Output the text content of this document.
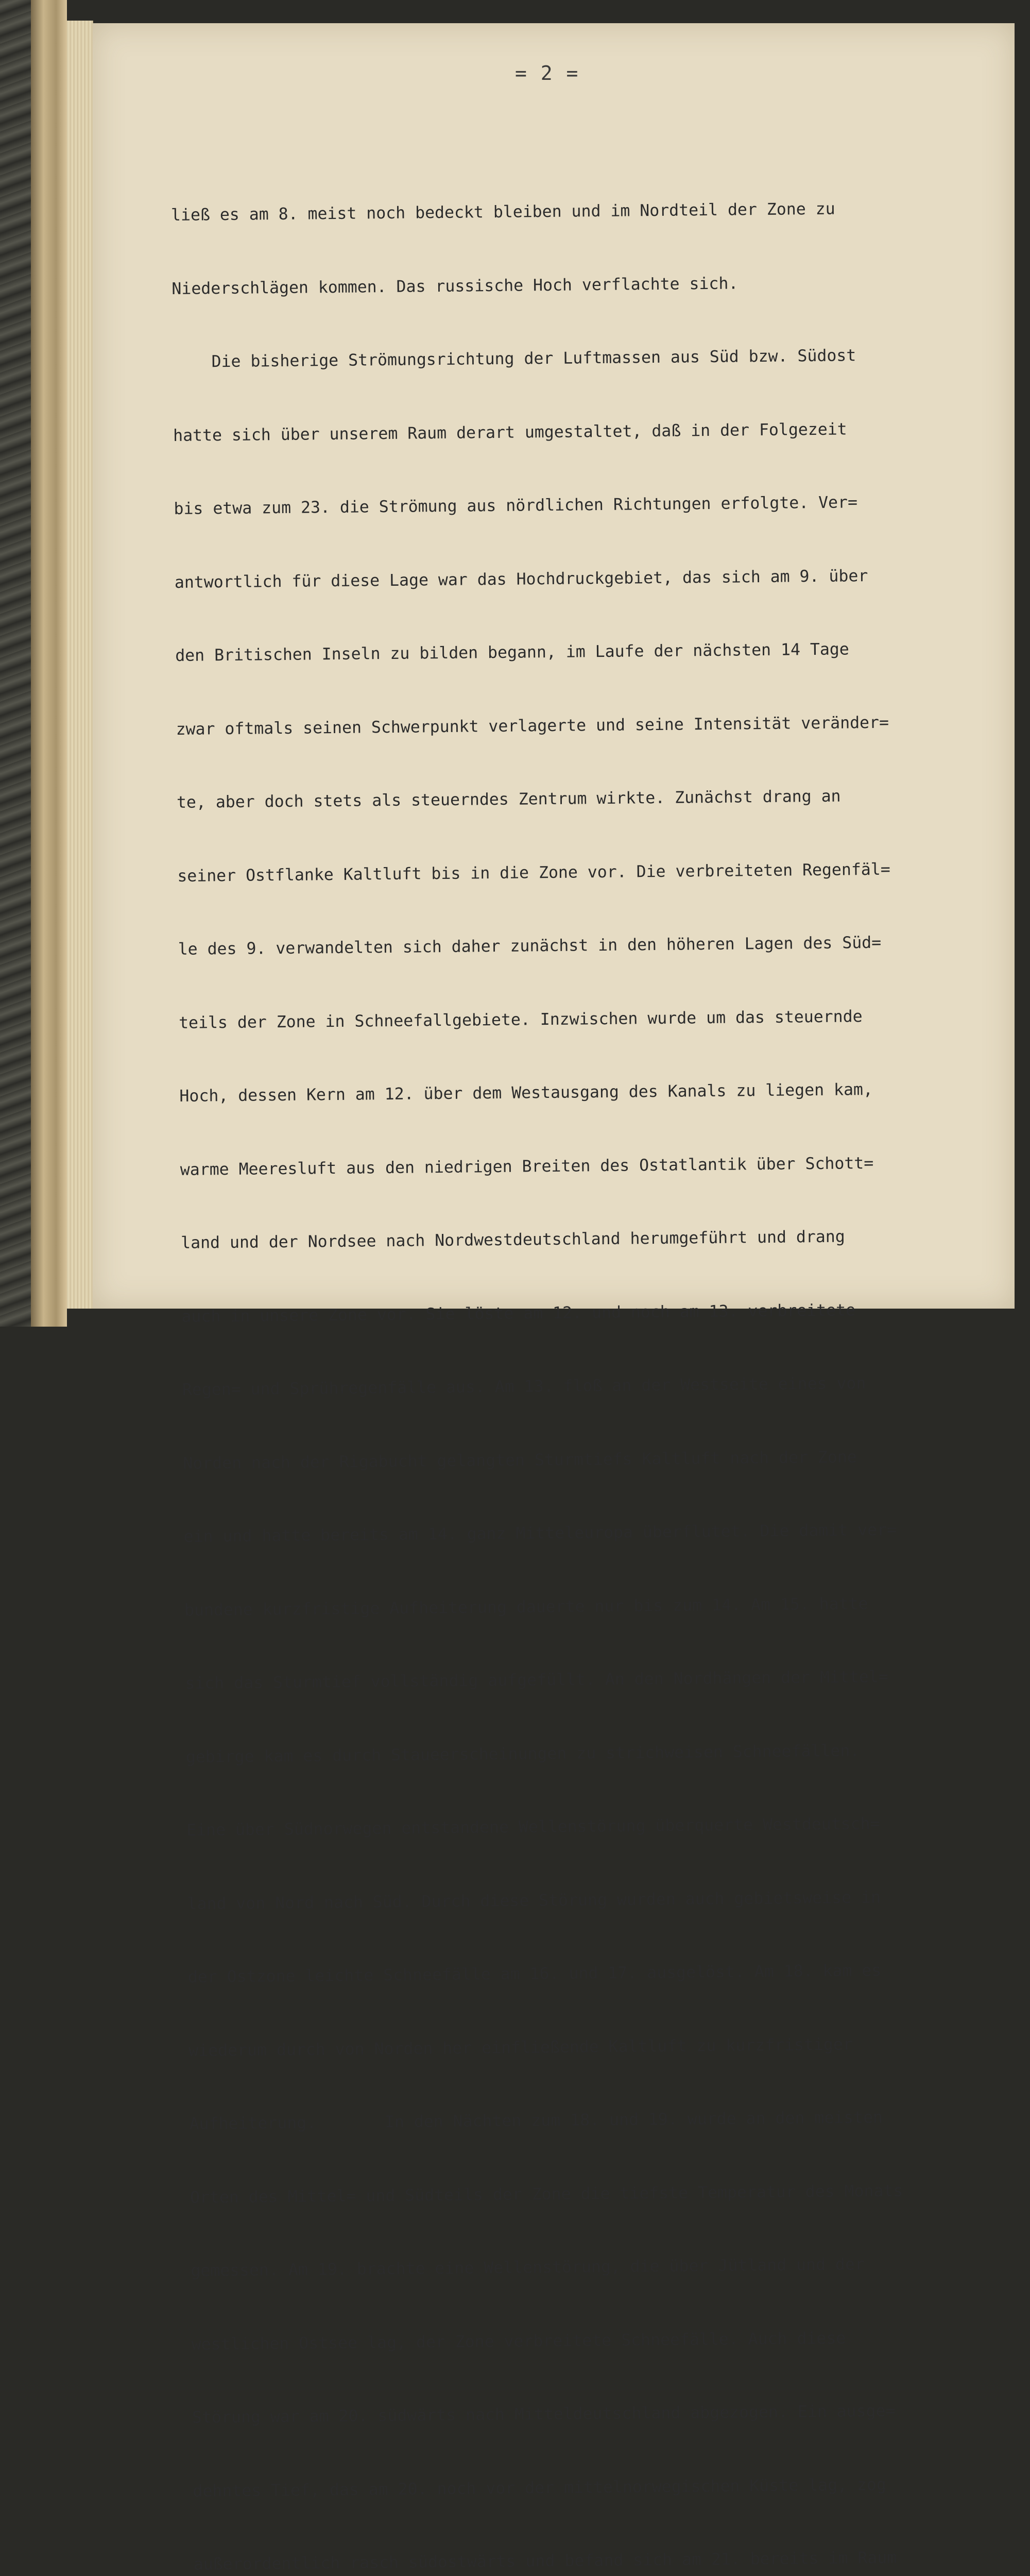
= 2 =

ließ es am 8. meist noch bedeckt bleiben und im Nordteil der Zone zu

Niederschlägen kommen. Das russische Hoch verflachte sich.

Die bisherige Strömungsrichtung der Luftmassen aus Süd bzw. Südost

hatte sich über unserem Raum derart umgestaltet, daß in der Folgezeit

bis etwa zum 23. die Strömung aus nördlichen Richtungen erfolgte. Ver=

antwortlich für diese Lage war das Hochdruckgebiet, das sich am 9. über

den Britischen Inseln zu bilden begann, im Laufe der nächsten 14 Tage

zwar oftmals seinen Schwerpunkt verlagerte und seine Intensität veränder=

te, aber doch stets als steuerndes Zentrum wirkte. Zunächst drang an

seiner Ostflanke Kaltluft bis in die Zone vor. Die verbreiteten Regenfäl=

le des 9. verwandelten sich daher zunächst in den höheren Lagen des Süd=

teils der Zone in Schneefallgebiete. Inzwischen wurde um das steuernde

Hoch, dessen Kern am 12. über dem Westausgang des Kanals zu liegen kam,

warme Meeresluft aus den niedrigen Breiten des Ostatlantik über Schott=

land und der Nordsee nach Nordwestdeutschland herumgeführt und drang

auch in unsere Zone vor. Sie löste am 12. und noch am 13. verbreitete

Regen= und Sprühregenfälle aus. Am 13. floß an der Westseite eines von

Norden nach der Rigabucht gelangten Sturmtiefs Kaltluft nach der Zone

ein und hatte bereits am 14. ganz Mitteleuropa überflutet. Die damit ver=

bundene kurzfristige Aufheiterung dauerte nur bis zum 14. Am 15. hatte

sich das Sturmtief vollständig aufgefüllt. An den Nordhängen der Mittel=

gebirge kam es durch Staueerscheinungen zu strichweisen Schneefällen.

Eine über Südnorwegen entstandene Wellenstörung überquerte Westdeutsch=

land von Nord nach Süd. Durch diese Störung wurden auch gebietsweise in

der Ostzone leichte Schneefälle am 16. und 17. ausgelöst. Am 18. kam es

wiederum durch von Norden her einfließende Kaltluft zu kurzfristiger

Aufheiterung.       In den Nächten zum 18. und 19. wurde an den meisten

Orten des Mittel= und Südteils der Zone die tiefste Temperatur des Monats

gemessen. Am 19. brachte eine Wellenstörung, die über Jütland und der

westlichen Ostsee lag, der Zone verbreitete Schneefälle. Auch diese

Störung war am 20. südwärts nach Mitteldeutschland abgezogen. Ein ausge=

dehntes Tief, das am 20. noch vor der mittelnorwegischen Küste lag, zog

außerordentlich rasch südostwärts und befand sich am 21. bereits im Raum
